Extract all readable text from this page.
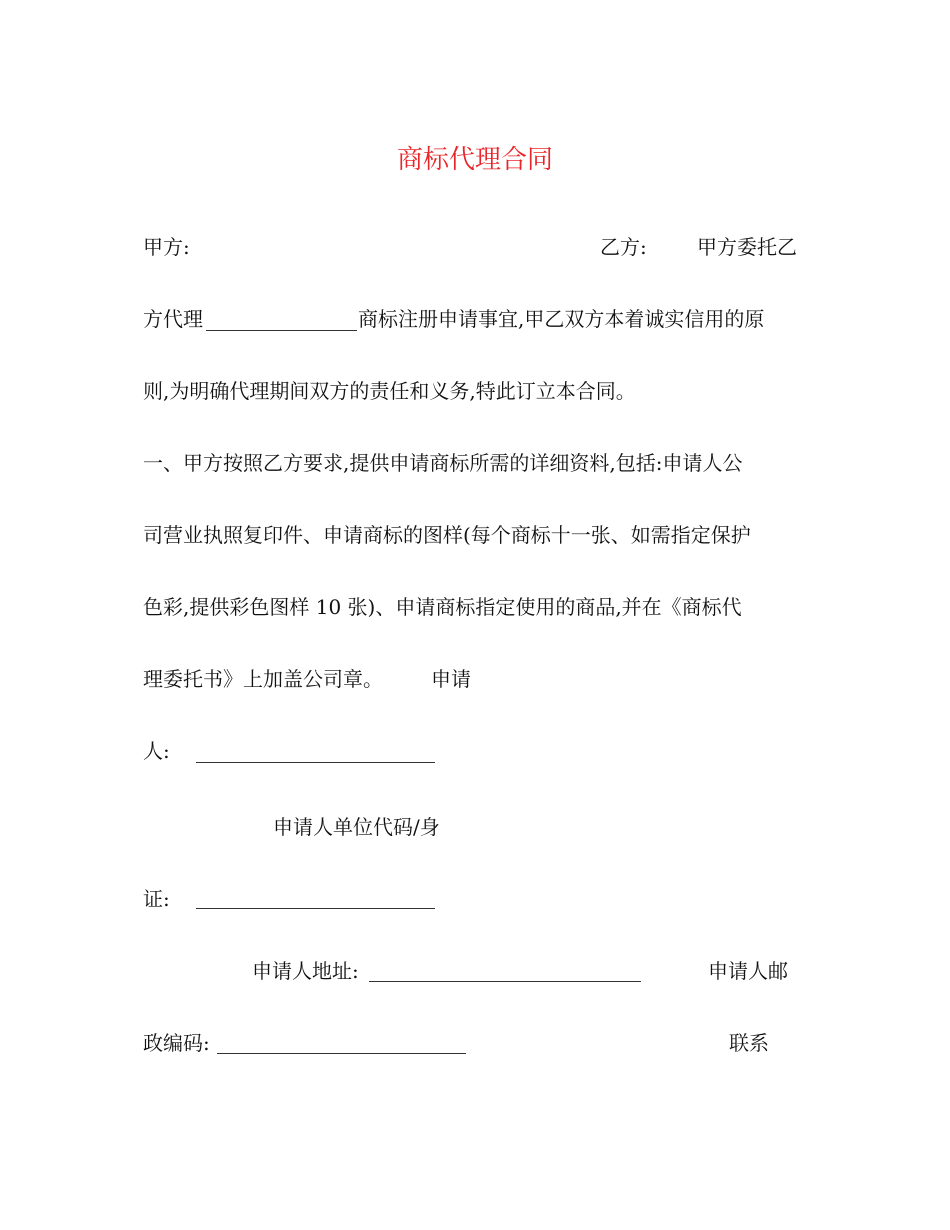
商标代理合同
甲方:	乙方:	甲方委托乙
方代理	商标注册申请事宜,甲乙双方本着诚实信用的原
则,为明确代理期间双方的责任和义务,特此订立本合同。
一、甲方按照乙方要求,提供申请商标所需的详细资料,包括:申请人公
司营业执照复印件、申请商标的图样(每个商标十一张、如需指定保护
色彩,提供彩色图样 10 张)、申请商标指定使用的商品,并在《商标代
理委托书》上加盖公司章。 申请
人:
申请人单位代码/身
证:
申请人地址:	申请人邮
政编码:	联系
